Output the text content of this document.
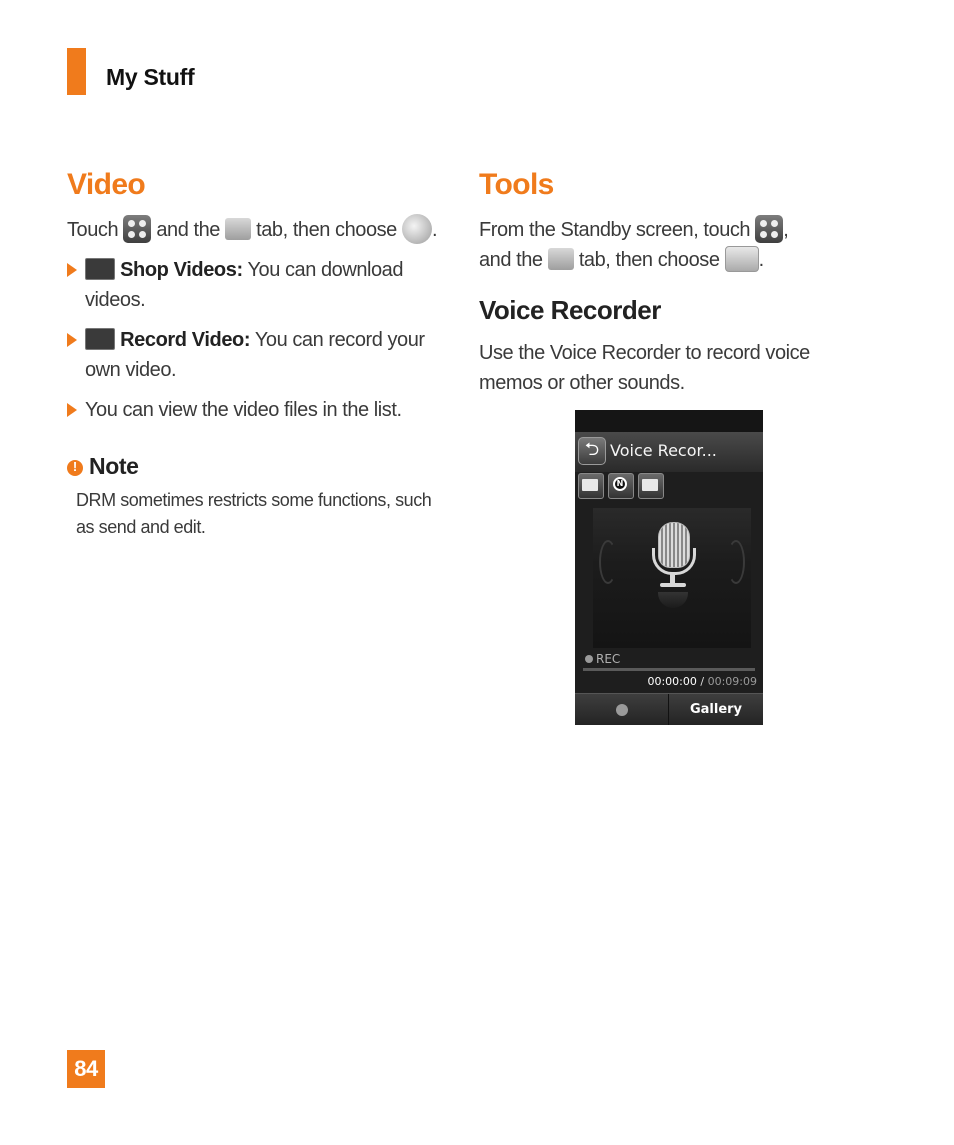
My Stuff
Video
Touch and the tab, then choose .
Shop Videos: You can download
videos.
Record Video: You can record your
own video.
You can view the video files in the list.
!
Note
DRM sometimes restricts some functions, such
as send and edit.
Tools
From the Standby screen, touch ,
and the tab, then choose .
Voice Recorder
Use the Voice Recorder to record voice
memos or other sounds.
⮌ Voice Recor...
N
REC
00:00:00 / 00:09:09
Gallery
84
